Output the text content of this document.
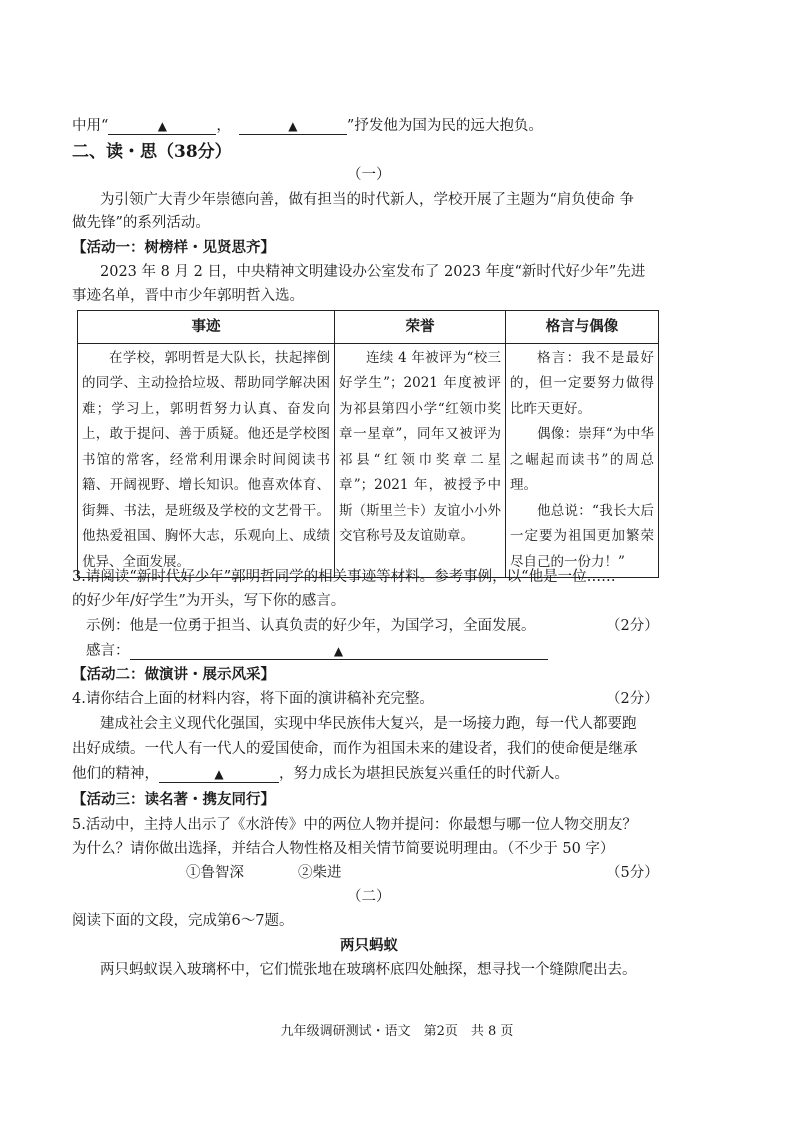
中用“	▲	，	▲	”抒发他为国为民的远大抱负。
二、读・思（38分）
（一）
为引领广大青少年崇德向善，做有担当的时代新人，学校开展了主题为“肩负使命 争
做先锋”的系列活动。
【活动一：树榜样・见贤思齐】
2023 年 8 月 2 日，中央精神文明建设办公室发布了 2023 年度“新时代好少年”先进
事迹名单，晋中市少年郭明哲入选。
事迹	荣誉	格言与偶像
在学校，郭明哲是大队长，扶起摔倒的同学、主动捡拾垃圾、帮助同学解决困难；学习上，郭明哲努力认真、奋发向上，敢于提问、善于质疑。他还是学校图书馆的常客，经常利用课余时间阅读书籍、开阔视野、增长知识。他喜欢体育、街舞、书法，是班级及学校的文艺骨干。他热爱祖国、胸怀大志，乐观向上、成绩优异、全面发展。	连续 4 年被评为“校三好学生”；2021 年度被评为祁县第四小学“红领巾奖章一星章”，同年又被评为祁县“红领巾奖章二星章”；2021 年，被授予中斯（斯里兰卡）友谊小小外交官称号及友谊勋章。	格言：我不是最好的，但一定要努力做得比昨天更好。
偶像：崇拜“为中华之崛起而读书”的周总理。
他总说：“我长大后一定要为祖国更加繁荣尽自己的一份力！”
3.请阅读“新时代好少年”郭明哲同学的相关事迹等材料。参考事例，以“他是一位……
的好少年/好学生”为开头，写下你的感言。
示例：他是一位勇于担当、认真负责的好少年，为国学习，全面发展。	（2分）
感言：	▲
【活动二：做演讲・展示风采】
4.请你结合上面的材料内容，将下面的演讲稿补充完整。	（2分）
建成社会主义现代化强国，实现中华民族伟大复兴，是一场接力跑，每一代人都要跑
出好成绩。一代人有一代人的爱国使命，而作为祖国未来的建设者，我们的使命便是继承
他们的精神，	▲	，努力成长为堪担民族复兴重任的时代新人。
【活动三：读名著・携友同行】
5.活动中，主持人出示了《水浒传》中的两位人物并提问：你最想与哪一位人物交朋友？
为什么？请你做出选择，并结合人物性格及相关情节简要说明理由。（不少于 50 字）
①鲁智深	②柴进	（5分）
（二）
阅读下面的文段，完成第6～7题。
两只蚂蚁
两只蚂蚁误入玻璃杯中，它们慌张地在玻璃杯底四处触探，想寻找一个缝隙爬出去。
九年级调研测试・语文　第2页　共 8 页
